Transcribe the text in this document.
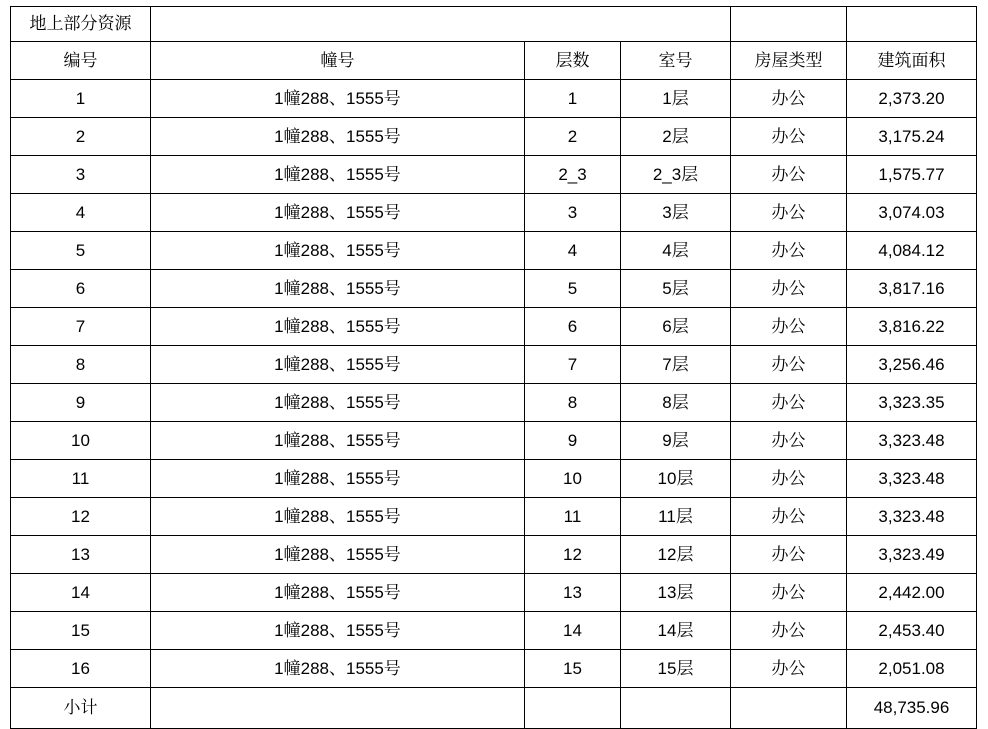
地上部分资源					
编号	幢号	层数	室号	房屋类型	建筑面积
1	1幢288、1555号	1	1层	办公	2,373.20
2	1幢288、1555号	2	2层	办公	3,175.24
3	1幢288、1555号	2_3	2_3层	办公	1,575.77
4	1幢288、1555号	3	3层	办公	3,074.03
5	1幢288、1555号	4	4层	办公	4,084.12
6	1幢288、1555号	5	5层	办公	3,817.16
7	1幢288、1555号	6	6层	办公	3,816.22
8	1幢288、1555号	7	7层	办公	3,256.46
9	1幢288、1555号	8	8层	办公	3,323.35
10	1幢288、1555号	9	9层	办公	3,323.48
11	1幢288、1555号	10	10层	办公	3,323.48
12	1幢288、1555号	11	11层	办公	3,323.48
13	1幢288、1555号	12	12层	办公	3,323.49
14	1幢288、1555号	13	13层	办公	2,442.00
15	1幢288、1555号	14	14层	办公	2,453.40
16	1幢288、1555号	15	15层	办公	2,051.08
小计					48,735.96
